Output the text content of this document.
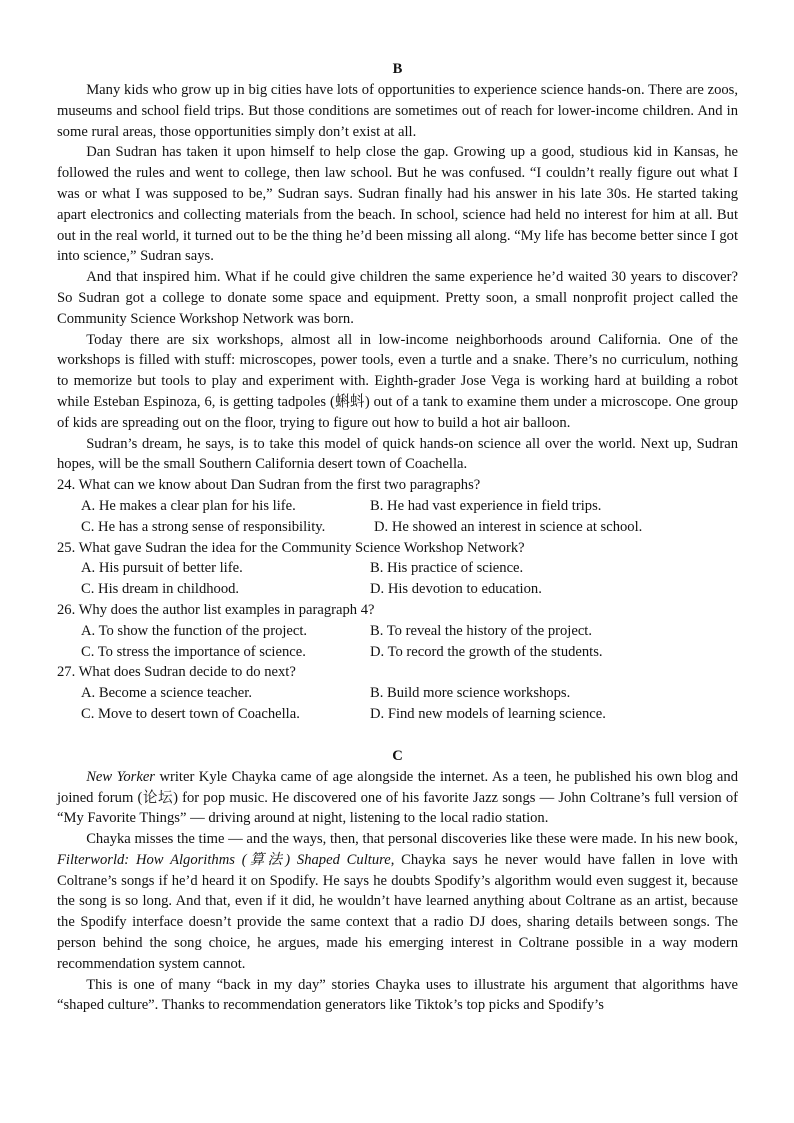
B

Many kids who grow up in big cities have lots of opportunities to experience science hands-on. There are zoos, museums and school field trips. But those conditions are sometimes out of reach for lower-income children. And in some rural areas, those opportunities simply don’t exist at all.

Dan Sudran has taken it upon himself to help close the gap. Growing up a good, studious kid in Kansas, he followed the rules and went to college, then law school. But he was confused. “I couldn’t really figure out what I was or what I was supposed to be,” Sudran says. Sudran finally had his answer in his late 30s. He started taking apart electronics and collecting materials from the beach. In school, science had held no interest for him at all. But out in the real world, it turned out to be the thing he’d been missing all along. “My life has become better since I got into science,” Sudran says.

And that inspired him. What if he could give children the same experience he’d waited 30 years to discover? So Sudran got a college to donate some space and equipment. Pretty soon, a small nonprofit project called the Community Science Workshop Network was born.

Today there are six workshops, almost all in low-income neighborhoods around California. One of the workshops is filled with stuff: microscopes, power tools, even a turtle and a snake. There’s no curriculum, nothing to memorize but tools to play and experiment with. Eighth-grader Jose Vega is working hard at building a robot while Esteban Espinoza, 6, is getting tadpoles (蝌蚪) out of a tank to examine them under a microscope. One group of kids are spreading out on the floor, trying to figure out how to build a hot air balloon.

Sudran’s dream, he says, is to take this model of quick hands-on science all over the world. Next up, Sudran hopes, will be the small Southern California desert town of Coachella.

24. What can we know about Dan Sudran from the first two paragraphs?

A. He makes a clear plan for his life.	B. He had vast experience in field trips.
C. He has a strong sense of responsibility.	D. He showed an interest in science at school.

25. What gave Sudran the idea for the Community Science Workshop Network?

A. His pursuit of better life.	B. His practice of science.
C. His dream in childhood.	D. His devotion to education.

26. Why does the author list examples in paragraph 4?

A. To show the function of the project.	B. To reveal the history of the project.
C. To stress the importance of science.	D. To record the growth of the students.

27. What does Sudran decide to do next?

A. Become a science teacher.	B. Build more science workshops.
C. Move to desert town of Coachella.	D. Find new models of learning science.
C

New Yorker writer Kyle Chayka came of age alongside the internet. As a teen, he published his own blog and joined forum (论坛) for pop music. He discovered one of his favorite Jazz songs — John Coltrane’s full version of “My Favorite Things” — driving around at night, listening to the local radio station.

Chayka misses the time — and the ways, then, that personal discoveries like these were made. In his new book, Filterworld: How Algorithms (算法) Shaped Culture, Chayka says he never would have fallen in love with Coltrane’s songs if he’d heard it on Spodify. He says he doubts Spodify’s algorithm would even suggest it, because the song is so long. And that, even if it did, he wouldn’t have learned anything about Coltrane as an artist, because the Spodify interface doesn’t provide the same context that a radio DJ does, sharing details between songs. The person behind the song choice, he argues, made his emerging interest in Coltrane possible in a way modern recommendation system cannot.

This is one of many “back in my day” stories Chayka uses to illustrate his argument that algorithms have “shaped culture”. Thanks to recommendation generators like Tiktok’s top picks and Spodify’s
